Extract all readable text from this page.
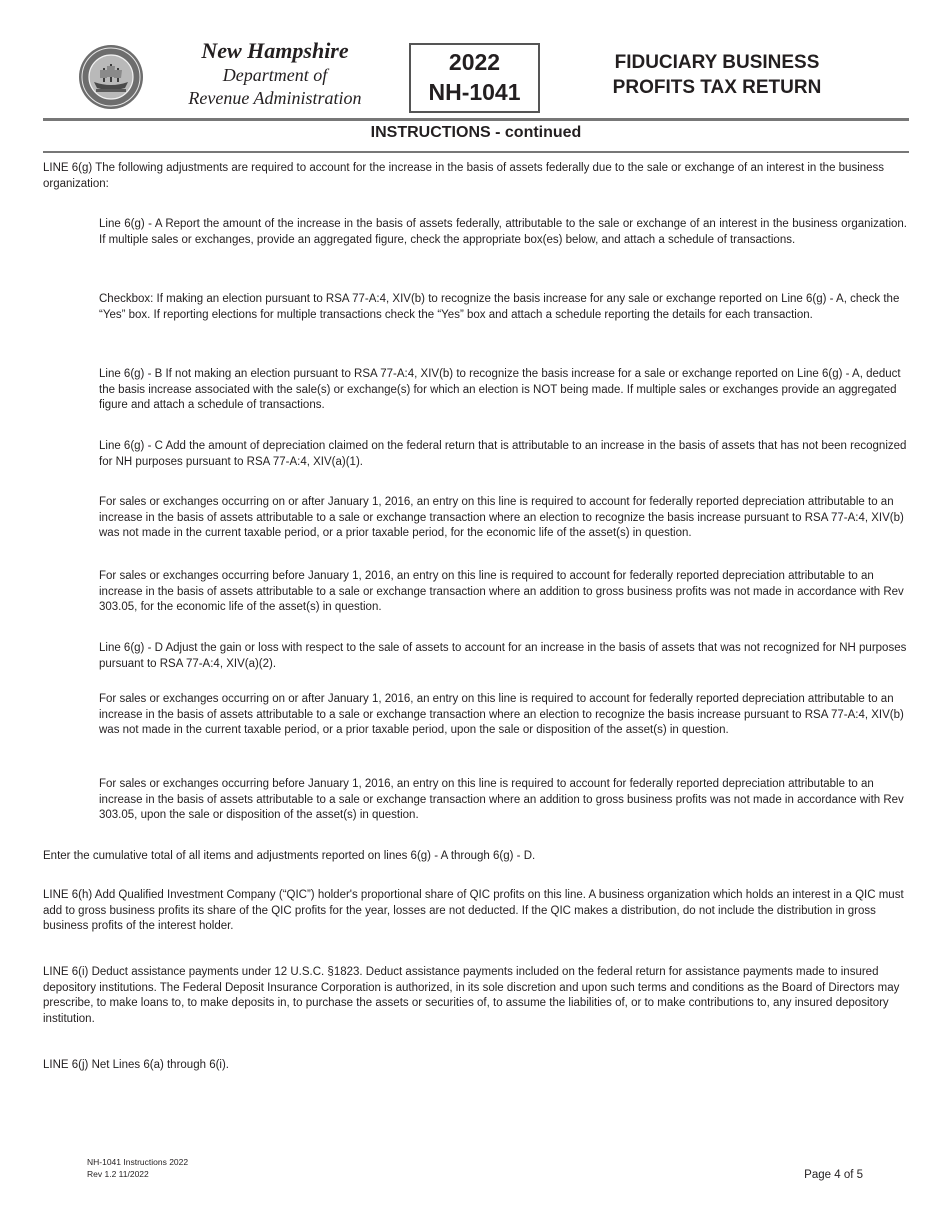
New Hampshire
Department of
Revenue Administration
2022
NH-1041
FIDUCIARY BUSINESS
PROFITS TAX RETURN
INSTRUCTIONS - continued

LINE 6(g) The following adjustments are required to account for the increase in the basis of assets federally due to the sale or exchange of an interest in the business organization:

Line 6(g) - A Report the amount of the increase in the basis of assets federally, attributable to the sale or exchange of an interest in the business organization. If multiple sales or exchanges, provide an aggregated figure, check the appropriate box(es) below, and attach a schedule of transactions.

Checkbox: If making an election pursuant to RSA 77-A:4, XIV(b) to recognize the basis increase for any sale or exchange reported on Line 6(g) - A, check the “Yes” box. If reporting elections for multiple transactions check the “Yes” box and attach a schedule reporting the details for each transaction.

Line 6(g) - B If not making an election pursuant to RSA 77-A:4, XIV(b) to recognize the basis increase for a sale or exchange reported on Line 6(g) - A, deduct the basis increase associated with the sale(s) or exchange(s) for which an election is NOT being made. If multiple sales or exchanges provide an aggregated figure and attach a schedule of transactions.

Line 6(g) - C Add the amount of depreciation claimed on the federal return that is attributable to an increase in the basis of assets that has not been recognized for NH purposes pursuant to RSA 77-A:4, XIV(a)(1).

For sales or exchanges occurring on or after January 1, 2016, an entry on this line is required to account for federally reported depreciation attributable to an increase in the basis of assets attributable to a sale or exchange transaction where an election to recognize the basis increase pursuant to RSA 77-A:4, XIV(b) was not made in the current taxable period, or a prior taxable period, for the economic life of the asset(s) in question.

For sales or exchanges occurring before January 1, 2016, an entry on this line is required to account for federally reported depreciation attributable to an increase in the basis of assets attributable to a sale or exchange transaction where an addition to gross business profits was not made in accordance with Rev 303.05, for the economic life of the asset(s) in question.

Line 6(g) - D Adjust the gain or loss with respect to the sale of assets to account for an increase in the basis of assets that was not recognized for NH purposes pursuant to RSA 77-A:4, XIV(a)(2).

For sales or exchanges occurring on or after January 1, 2016, an entry on this line is required to account for federally reported depreciation attributable to an increase in the basis of assets attributable to a sale or exchange transaction where an election to recognize the basis increase pursuant to RSA 77-A:4, XIV(b) was not made in the current taxable period, or a prior taxable period, upon the sale or disposition of the asset(s) in question.

For sales or exchanges occurring before January 1, 2016, an entry on this line is required to account for federally reported depreciation attributable to an increase in the basis of assets attributable to a sale or exchange transaction where an addition to gross business profits was not made in accordance with Rev 303.05, upon the sale or disposition of the asset(s) in question.

Enter the cumulative total of all items and adjustments reported on lines 6(g) - A through 6(g) - D.

LINE 6(h) Add Qualified Investment Company (“QIC”) holder's proportional share of QIC profits on this line. A business organization which holds an interest in a QIC must add to gross business profits its share of the QIC profits for the year, losses are not deducted. If the QIC makes a distribution, do not include the distribution in gross business profits of the interest holder.

LINE 6(i) Deduct assistance payments under 12 U.S.C. §1823. Deduct assistance payments included on the federal return for assistance payments made to insured depository institutions. The Federal Deposit Insurance Corporation is authorized, in its sole discretion and upon such terms and conditions as the Board of Directors may prescribe, to make loans to, to make deposits in, to purchase the assets or securities of, to assume the liabilities of, or to make contributions to, any insured depository institution.

LINE 6(j) Net Lines 6(a) through 6(i).

NH-1041 Instructions 2022
Rev 1.2 11/2022	Page 4 of 5
